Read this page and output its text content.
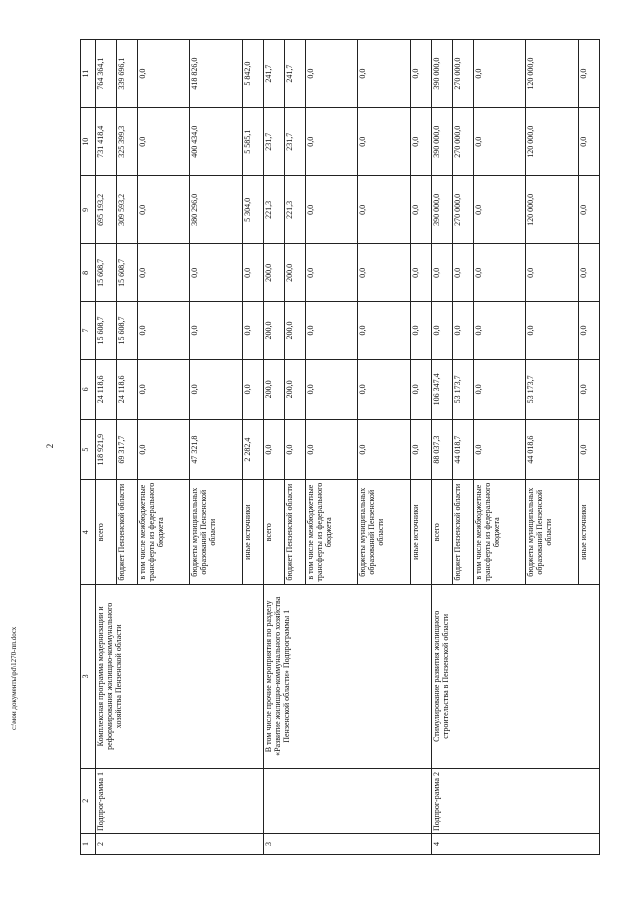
2
c:\мои документы\pd\1270-пп.docx
1	2	3	4	5	6	7	8	9	10	11
2	Подпрог-рамма 1	Комплексная программа модернизации и реформирования жилищно-коммунального хозяйства Пензенской области	всего	118 921,9	24 118,6	15 608,7	15 608,7	695 193,2	731 418,4	764 364,1
			бюджет Пензенской области	69 317,7	24 118,6	15 608,7	15 608,7	309 593,2	325 399,3	339 696,1
			в том числе межбюджетные трансферты из федерального бюджета	0,0	0,0	0,0	0,0	0,0	0,0	0,0
			бюджеты муниципальных образований Пензенской области	47 321,8	0,0	0,0	0,0	380 296,0	400 434,0	418 826,0
			иные источники	2 282,4	0,0	0,0	0,0	5 304,0	5 585,1	5 842,0
3		В том числе прочие мероприятия по разделу «Развитие жилищно-коммунального хозяйства Пензенской области» Подпрограммы 1	всего	0,0	200,0	200,0	200,0	221,3	231,7	241,7
			бюджет Пензенской области	0,0	200,0	200,0	200,0	221,3	231,7	241,7
			в том числе межбюджетные трансферты из федерального бюджета	0,0	0,0	0,0	0,0	0,0	0,0	0,0
			бюджеты муниципальных образований Пензенской области	0,0	0,0	0,0	0,0	0,0	0,0	0,0
			иные источники	0,0	0,0	0,0	0,0	0,0	0,0	0,0
4	Подпрог-рамма 2	Стимулирование развития жилищного строительства в Пензенской области	всего	88 037,3	106 347,4	0,0	0,0	390 000,0	390 000,0	390 000,0
			бюджет Пензенской области	44 018,7	53 173,7	0,0	0,0	270 000,0	270 000,0	270 000,0
			в том числе межбюджетные трансферты из федерального бюджета	0,0	0,0	0,0	0,0	0,0	0,0	0,0
			бюджеты муниципальных образований Пензенской области	44 018,6	53 173,7	0,0	0,0	120 000,0	120 000,0	120 000,0
			иные источники	0,0	0,0	0,0	0,0	0,0	0,0	0,0
